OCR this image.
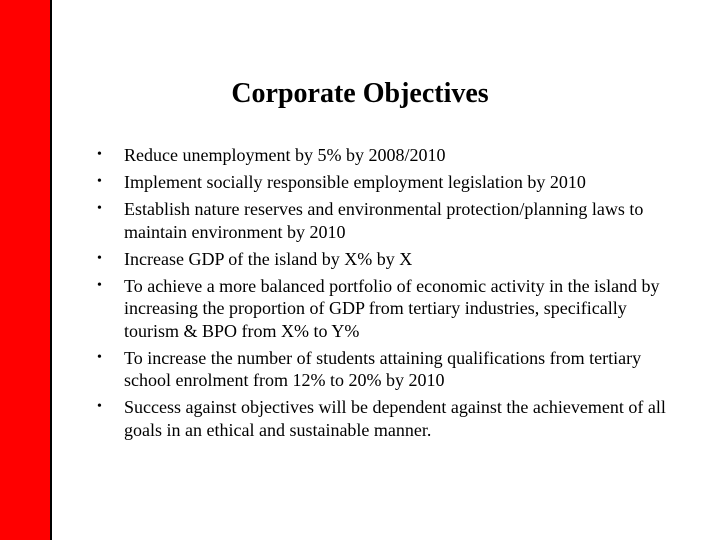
Corporate Objectives
• Reduce unemployment by 5% by 2008/2010
• Implement socially responsible employment legislation by 2010
• Establish nature reserves and environmental protection/planning laws to maintain environment by 2010
• Increase GDP of the island by X% by X
• To achieve a more balanced portfolio of economic activity in the island by increasing the proportion of GDP from tertiary industries, specifically tourism & BPO from X% to Y%
• To increase the number of students attaining qualifications from tertiary school enrolment from 12% to 20% by 2010
• Success against objectives will be dependent against the achievement of all goals in an ethical and sustainable manner.
